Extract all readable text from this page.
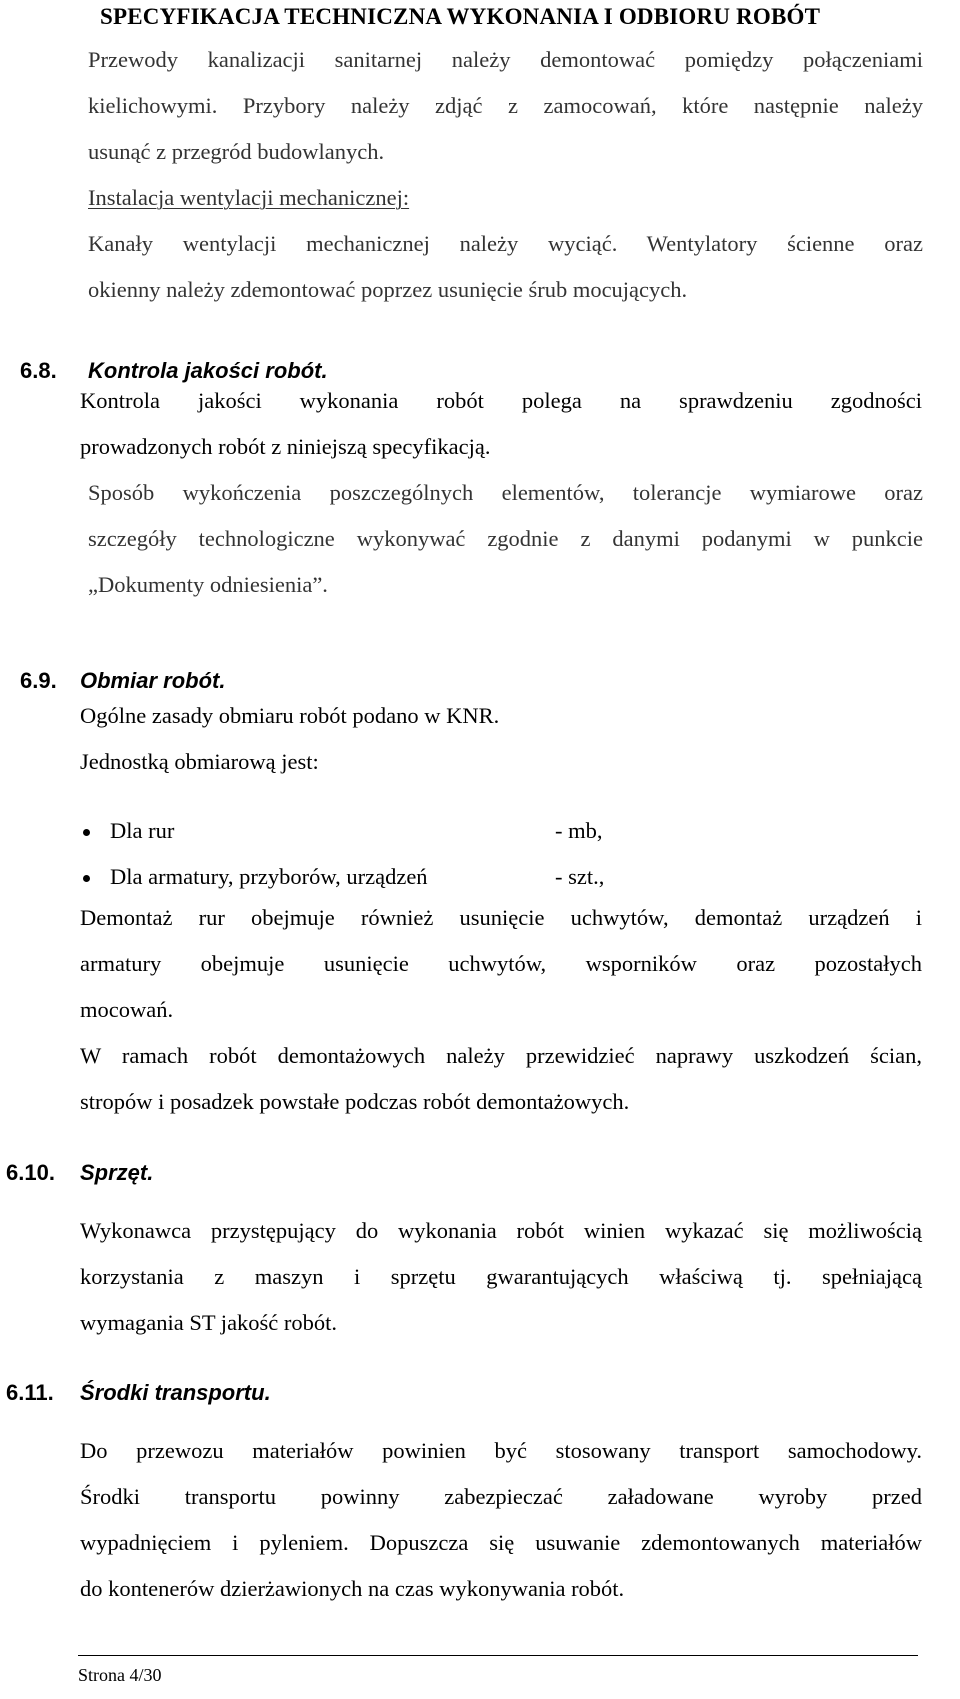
SPECYFIKACJA TECHNICZNA WYKONANIA I ODBIORU ROBÓT
Przewody kanalizacji sanitarnej należy demontować pomiędzy połączeniami
kielichowymi. Przybory należy zdjąć z zamocowań, które następnie należy
usunąć z przegród budowlanych.
Instalacja wentylacji mechanicznej:
Kanały wentylacji mechanicznej należy wyciąć. Wentylatory ścienne oraz
okienny należy zdemontować poprzez usunięcie śrub mocujących.
6.8. Kontrola jakości robót.
Kontrola jakości wykonania robót polega na sprawdzeniu zgodności
prowadzonych robót z niniejszą specyfikacją.
Sposób wykończenia poszczególnych elementów, tolerancje wymiarowe oraz
szczegóły technologiczne wykonywać zgodnie z danymi podanymi w punkcie
„Dokumenty odniesienia”.
6.9. Obmiar robót.
Ogólne zasady obmiaru robót podano w KNR.
Jednostką obmiarową jest:
Dla rur	- mb,
Dla armatury, przyborów, urządzeń	- szt.,
Demontaż rur obejmuje również usunięcie uchwytów, demontaż urządzeń i
armatury obejmuje usunięcie uchwytów, wsporników oraz pozostałych
mocowań.
W ramach robót demontażowych należy przewidzieć naprawy uszkodzeń ścian,
stropów i posadzek powstałe podczas robót demontażowych.
6.10. Sprzęt.
Wykonawca przystępujący do wykonania robót winien wykazać się możliwością
korzystania z maszyn i sprzętu gwarantujących właściwą tj. spełniającą
wymagania ST jakość robót.
6.11. Środki transportu.
Do przewozu materiałów powinien być stosowany transport samochodowy.
Środki transportu powinny zabezpieczać załadowane wyroby przed
wypadnięciem i pyleniem. Dopuszcza się usuwanie zdemontowanych materiałów
do kontenerów dzierżawionych na czas wykonywania robót.
Strona 4/30
